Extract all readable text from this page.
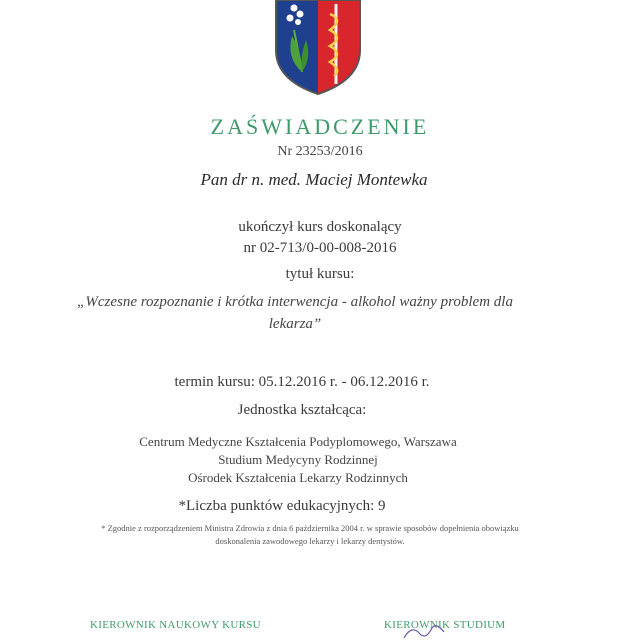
ZAŚWIADCZENIE
Nr 23253/2016
Pan dr n. med. Maciej Montewka
ukończył kurs doskonalący
nr 02-713/0-00-008-2016
tytuł kursu:
„Wczesne rozpoznanie i krótka interwencja - alkohol ważny problem dla lekarza”
termin kursu: 05.12.2016 r. - 06.12.2016 r.
Jednostka kształcąca:
Centrum Medyczne Kształcenia Podyplomowego, Warszawa
Studium Medycyny Rodzinnej
Ośrodek Kształcenia Lekarzy Rodzinnych
*Liczba punktów edukacyjnych: 9
* Zgodnie z rozporządzeniem Ministra Zdrowia z dnia 6 października 2004 r. w sprawie sposobów dopełnienia obowiązku doskonalenia zawodowego lekarzy i lekarzy dentystów.
KIEROWNIK NAUKOWY KURSU	KIEROWNIK STUDIUM
